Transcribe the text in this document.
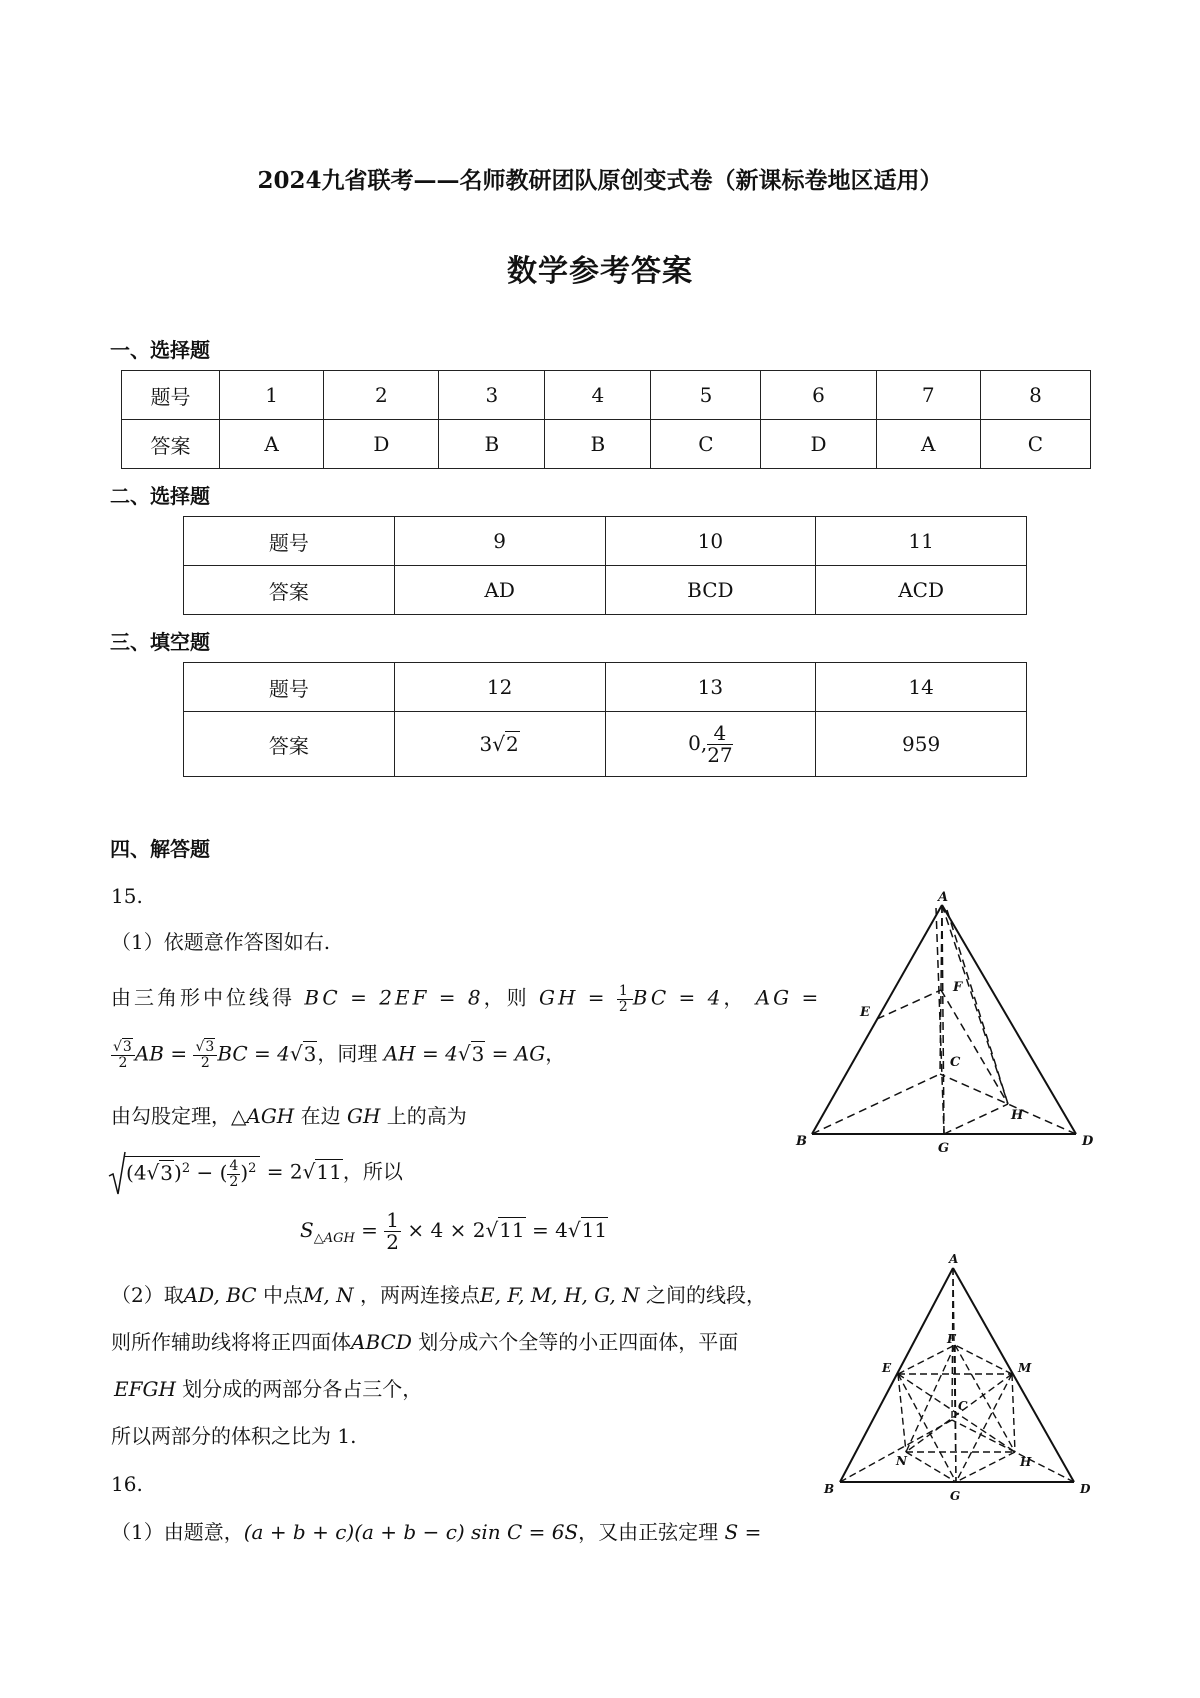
2024九省联考——名师教研团队原创变式卷（新课标卷地区适用）
数学参考答案
一、选择题
题号	1	2	3	4	5	6	7	8
答案	A	D	B	B	C	D	A	C
二、选择题
题号	9	10	11
答案	AD	BCD	ACD
三、填空题
题号	12	13	14
答案	3√2	0, $\frac{4}{27}$	959
四、解答题
15.
（1）依题意作答图如右.
由三角形中位线得 BC = 2EF = 8，则 GH = $\frac{1}{2}$ BC = 4， AG =
$\frac{√3}{2}$ AB = $\frac{√3}{2}$ BC = 4√3，同理 AH = 4√3 = AG，
由勾股定理，△AGH 在边 GH 上的高为
$(4√3)^2$ − ( $\frac{4}{2} )^2 = 2√11$，所以
$S_{\triangle AGH} = \frac{1}{2} \times 4 \times 2√11 = 4√11$
（2）取AD, BC 中点M, N ，两两连接点E, F, M, H, G, N 之间的线段，
则所作辅助线将将正四面体ABCD 划分成六个全等的小正四面体，平面
EFGH 划分成的两部分各占三个，
所以两部分的体积之比为 1.
16.
（1）由题意，(a + b + c)(a + b − c) sin C = 6S，又由正弦定理 S =
A
E
F
C
H
B	G	D
A
E
F
M
C
N	H
B	G	D
